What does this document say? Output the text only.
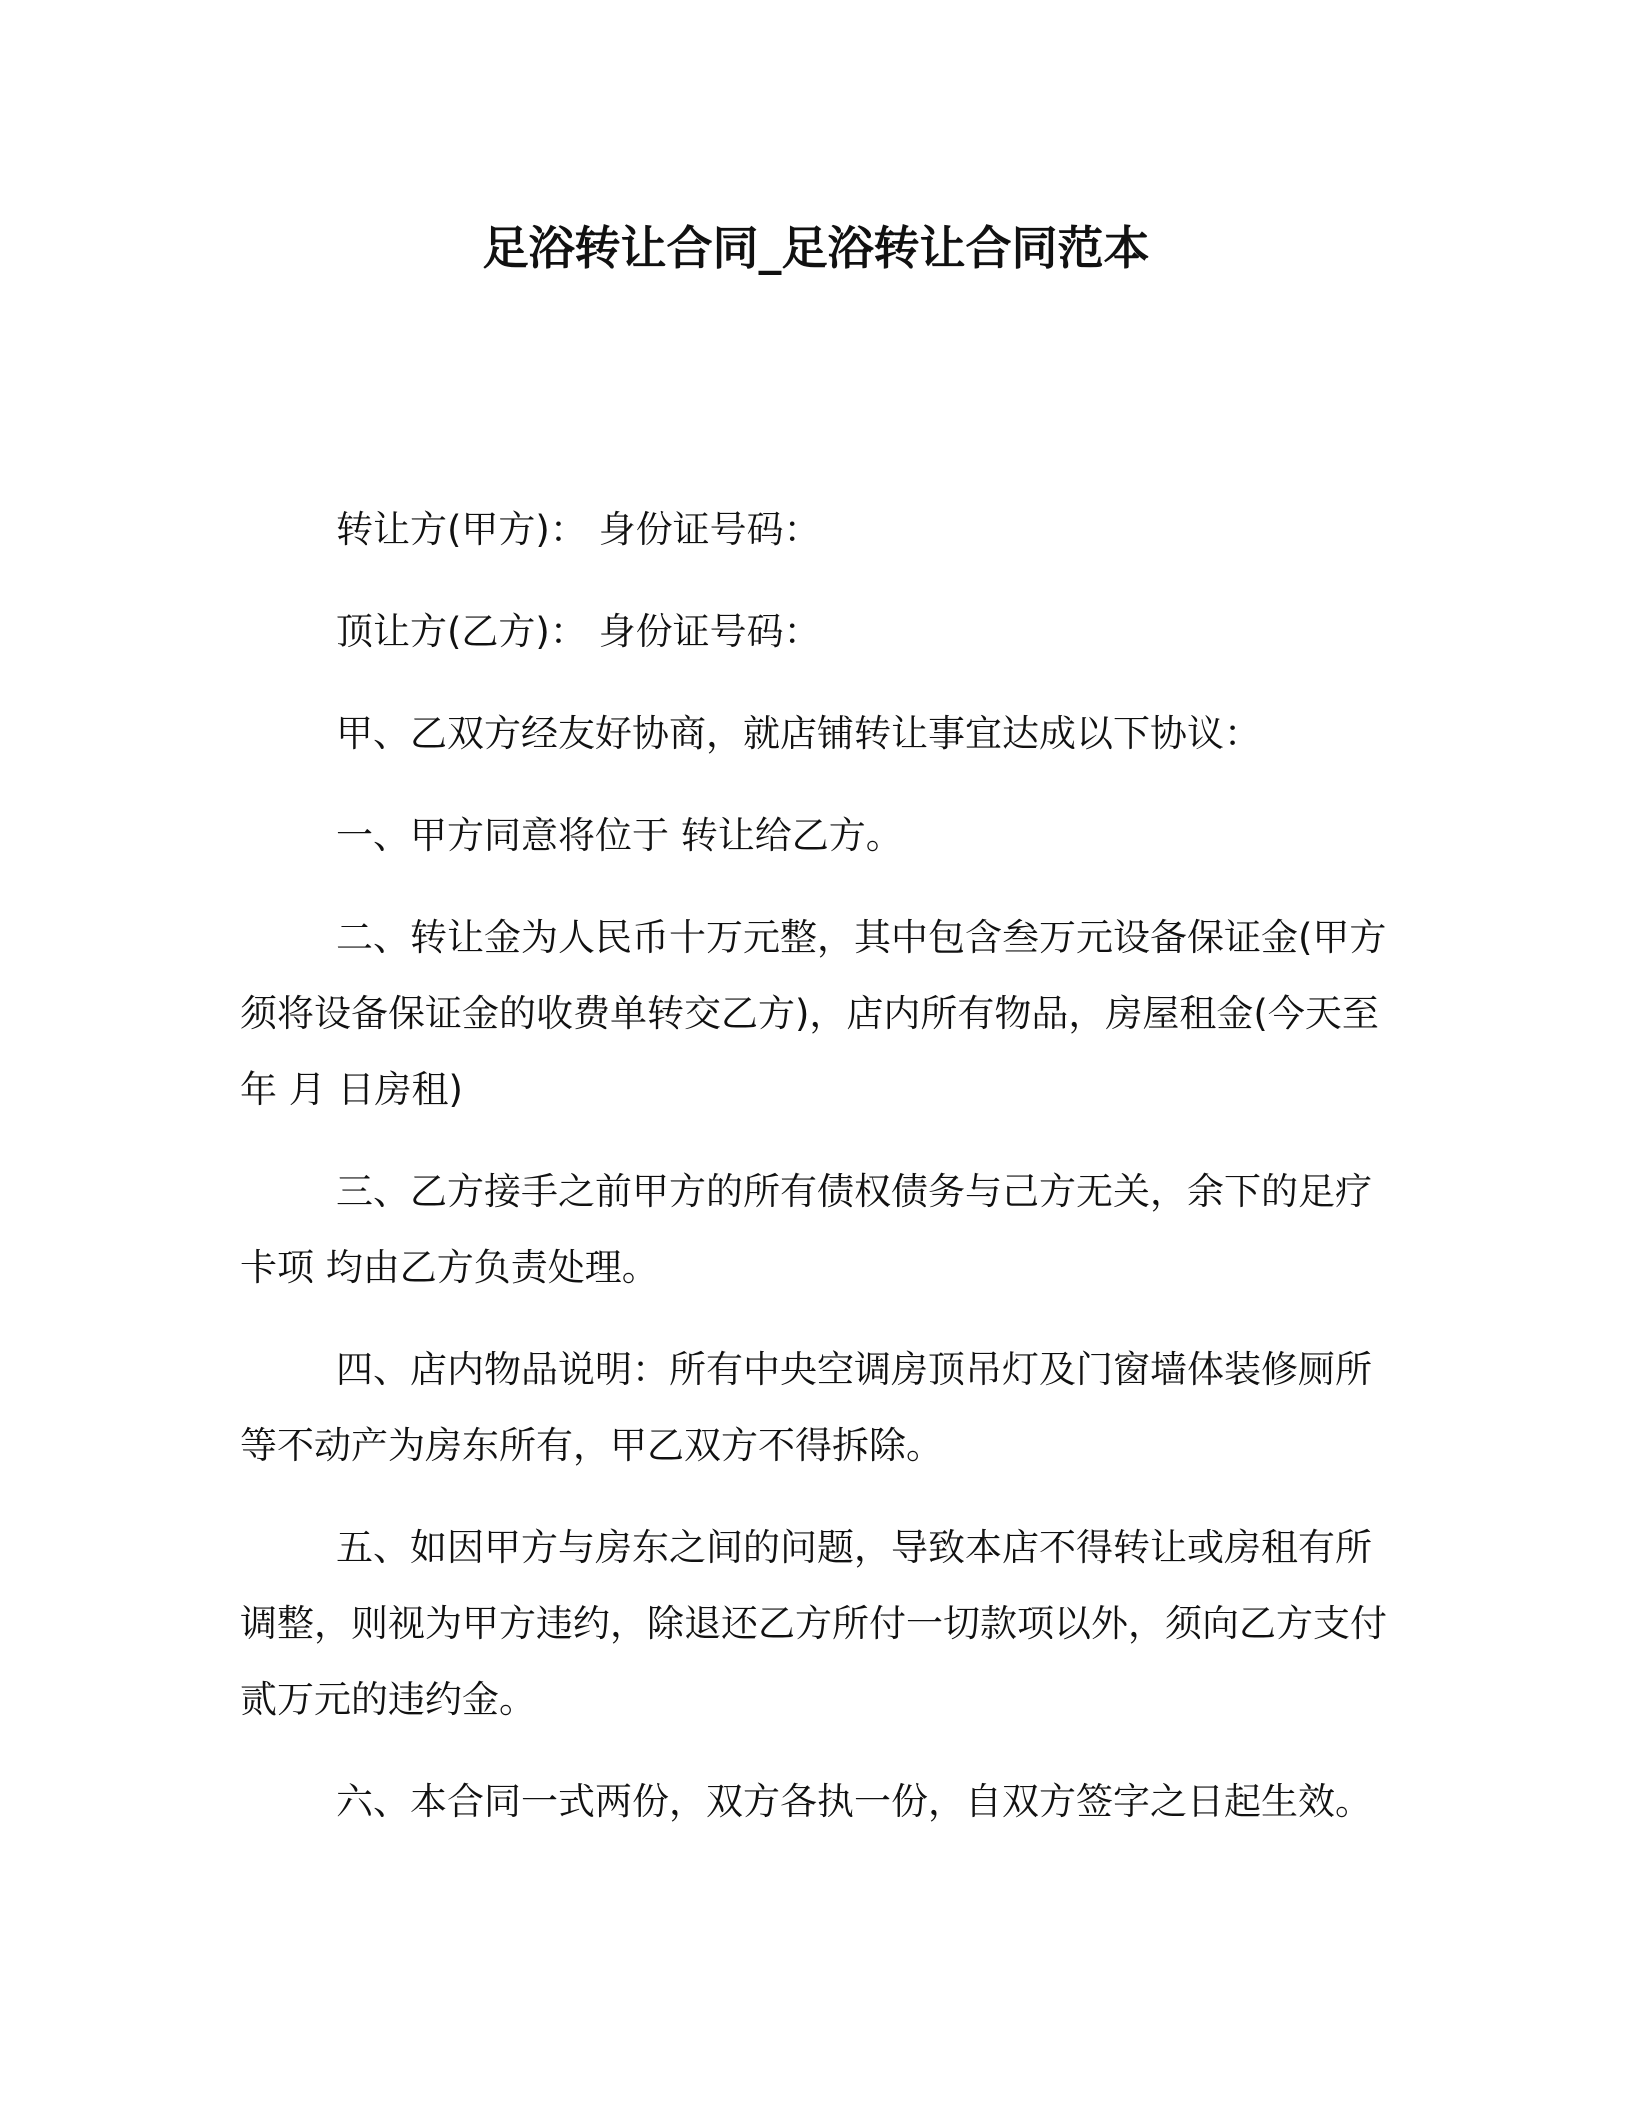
足浴转让合同_足浴转让合同范本

转让方(甲方)： 身份证号码：

顶让方(乙方)： 身份证号码：

甲、乙双方经友好协商，就店铺转让事宜达成以下协议：

一、甲方同意将位于 转让给乙方。

二、转让金为人民币十万元整，其中包含叁万元设备保证金(甲方须将设备保证金的收费单转交乙方)，店内所有物品，房屋租金(今天至 年 月 日房租)

三、乙方接手之前甲方的所有债权债务与己方无关，余下的足疗卡项 均由乙方负责处理。

四、店内物品说明：所有中央空调房顶吊灯及门窗墙体装修厕所等不动产为房东所有，甲乙双方不得拆除。

五、如因甲方与房东之间的问题，导致本店不得转让或房租有所调整，则视为甲方违约，除退还乙方所付一切款项以外，须向乙方支付贰万元的违约金。

六、本合同一式两份，双方各执一份，自双方签字之日起生效。
